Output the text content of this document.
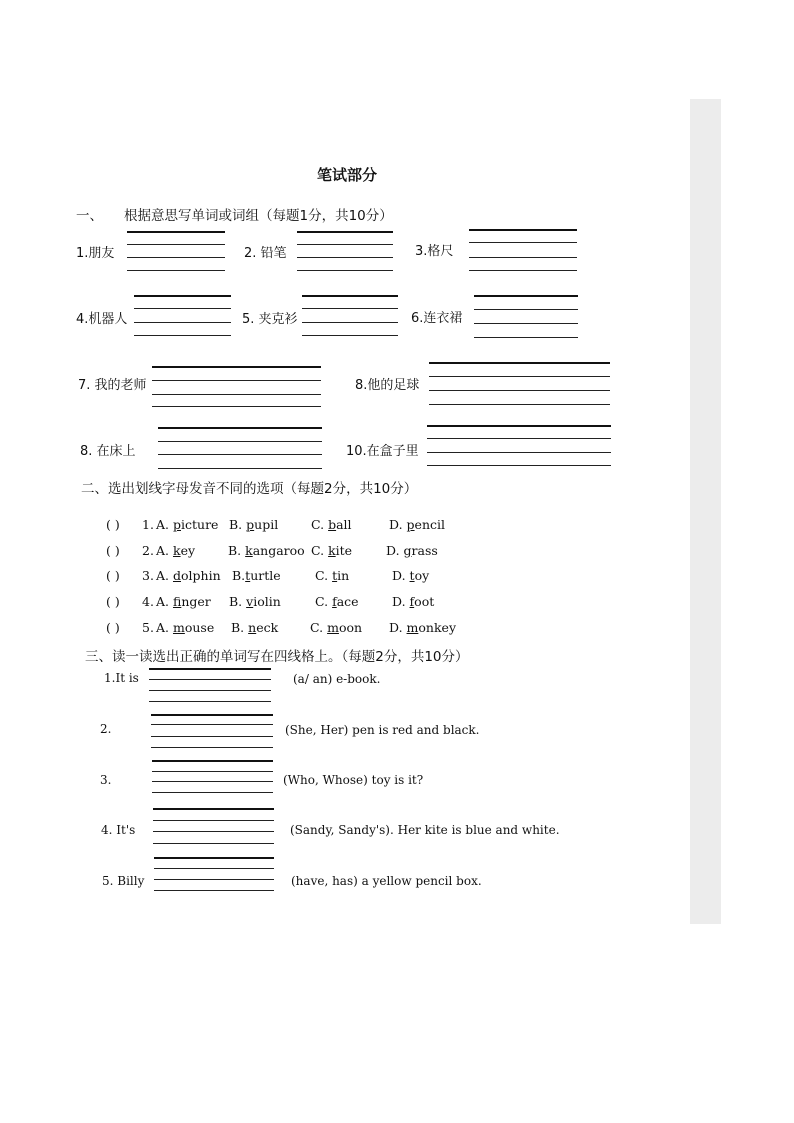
笔试部分
一、 根据意思写单词或词组（每题1分，共10分）
1.朋友	2. 铅笔	3.格尺
4.机器人	5. 夹克衫	6.连衣裙
7. 我的老师	8.他的足球
8. 在床上	10.在盒子里
二、选出划线字母发音不同的选项（每题2分，共10分）
( ) 1. A. picture B. pupil	C. ball	D. pencil
( ) 2. A. key	B. kangaroo C. kite	D. grass
( ) 3. A. dolphin B.turtle	C. tin	D. toy
( ) 4. A. finger B. violin	C. face	D. foot
( ) 5. A. mouse B. neck	C. moon D. monkey
三、读一读选出正确的单词写在四线格上。（每题2分，共10分）
1.It is	(a/ an) e-book.
2.	(She, Her) pen is red and black.
3.	(Who, Whose) toy is it?
4. It's	(Sandy, Sandy's). Her kite is blue and white.
5. Billy	(have, has) a yellow pencil box.
